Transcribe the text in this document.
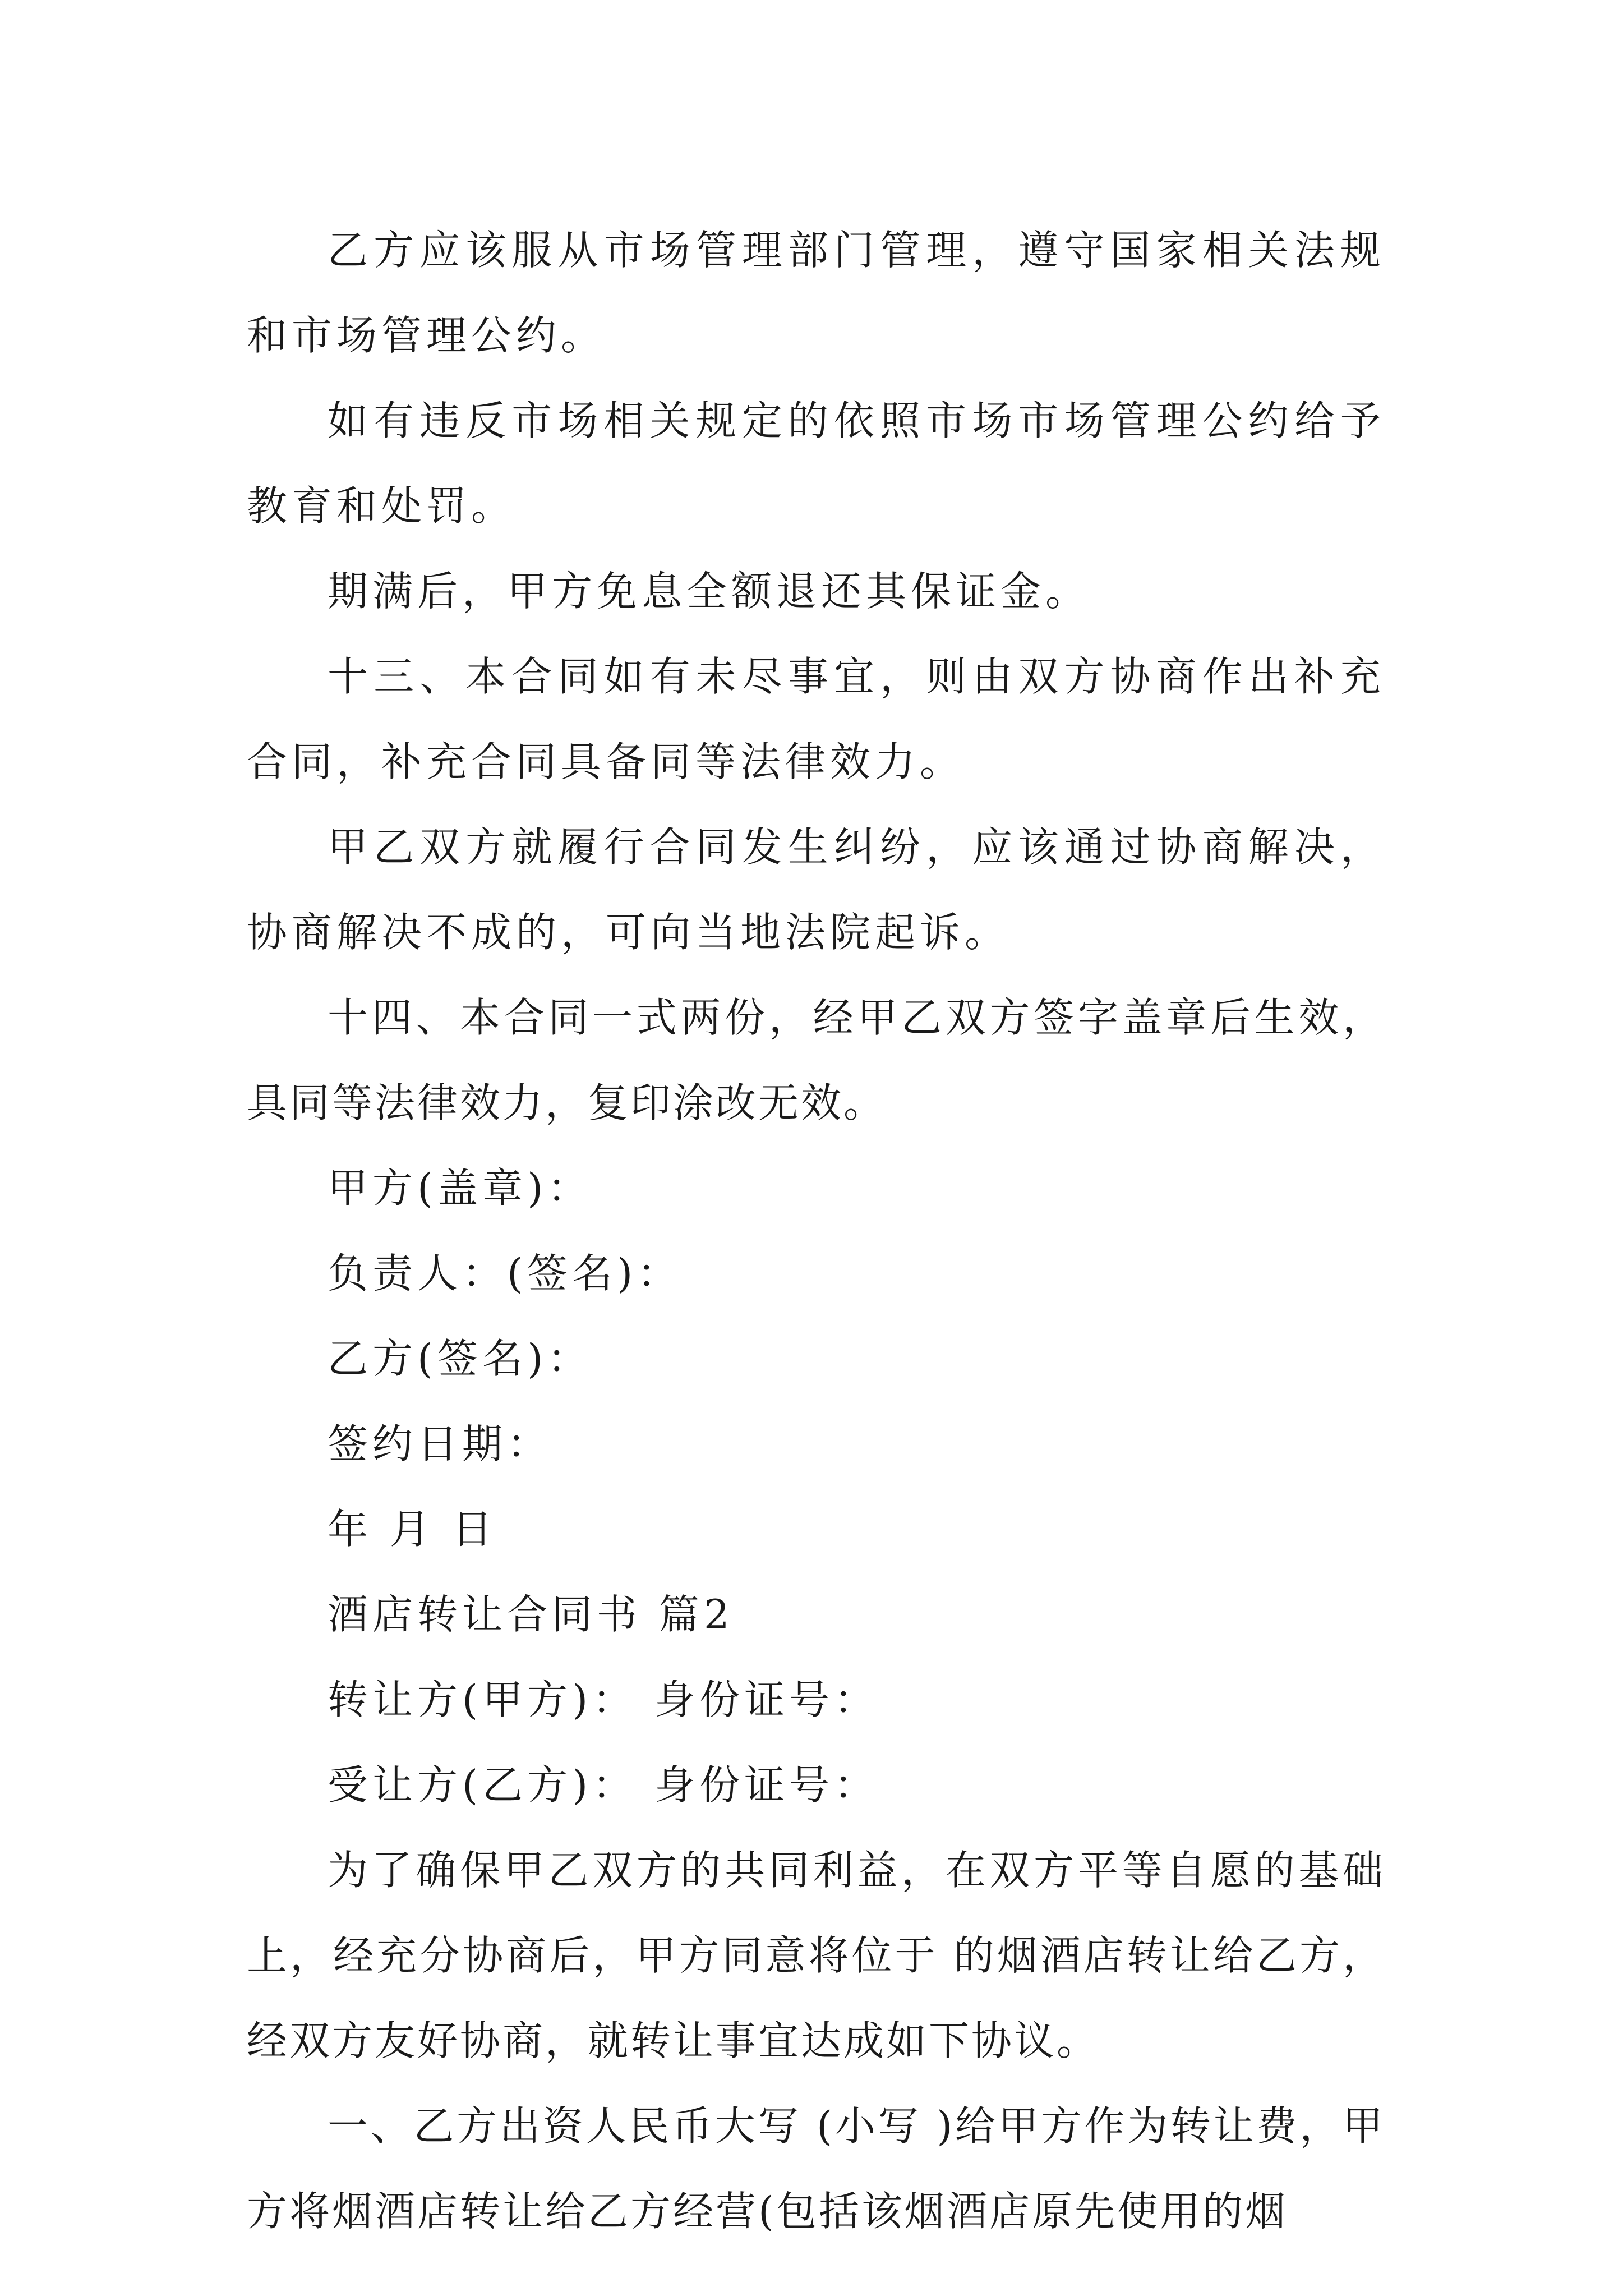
乙方应该服从市场管理部门管理，遵守国家相关法规和市场管理公约。

如有违反市场相关规定的依照市场市场管理公约给予教育和处罚。

期满后，甲方免息全额退还其保证金。

十三、本合同如有未尽事宜，则由双方协商作出补充合同，补充合同具备同等法律效力。

甲乙双方就履行合同发生纠纷，应该通过协商解决，协商解决不成的，可向当地法院起诉。

十四、本合同一式两份，经甲乙双方签字盖章后生效，具同等法律效力，复印涂改无效。

甲方(盖章)：

负责人：(签名)：

乙方(签名)：

签约日期：

年 月 日

酒店转让合同书 篇2

转让方(甲方)： 身份证号：

受让方(乙方)： 身份证号：

为了确保甲乙双方的共同利益，在双方平等自愿的基础上，经充分协商后，甲方同意将位于 的烟酒店转让给乙方，经双方友好协商，就转让事宜达成如下协议。

一、乙方出资人民币大写 (小写 )给甲方作为转让费，甲方将烟酒店转让给乙方经营(包括该烟酒店原先使用的烟
